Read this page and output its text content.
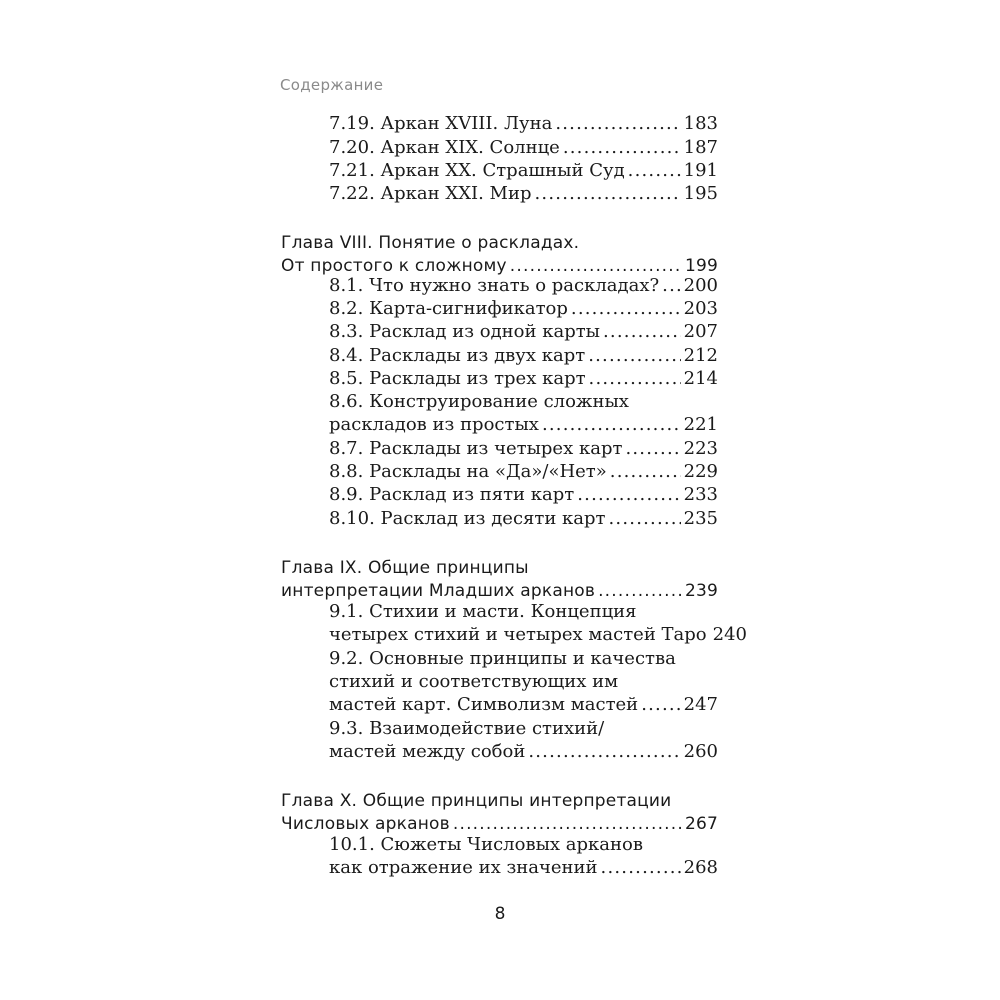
Содержание
7.19. Аркан XVIII. Луна .....	183
7.20. Аркан XIX. Солнце .....	187
7.21. Аркан XX. Страшный Суд .....	191
7.22. Аркан XXI. Мир .....	195
Глава VIII. Понятие о раскладах.
От простого к сложному .....	199
8.1. Что нужно знать о раскладах? ..... 200
8.2. Карта-сигнификатор .....	203
8.3. Расклад из одной карты .....	207
8.4. Расклады из двух карт .....	212
8.5. Расклады из трех карт .....	214
8.6. Конструирование сложных
раскладов из простых .....	221
8.7. Расклады из четырех карт .....	223
8.8. Расклады на «Да»/«Нет» .....	229
8.9. Расклад из пяти карт .....	233
8.10. Расклад из десяти карт .....	235
Глава IX. Общие принципы
интерпретации Младших арканов .....	239
9.1. Стихии и масти. Концепция
четырех стихий и четырех мастей Таро 240
9.2. Основные принципы и качества
стихий и соответствующих им
мастей карт. Символизм мастей .....	247
9.3. Взаимодействие стихий/
мастей между собой .....	260
Глава X. Общие принципы интерпретации
Числовых арканов .....	267
10.1. Сюжеты Числовых арканов
как отражение их значений .....	268
8
